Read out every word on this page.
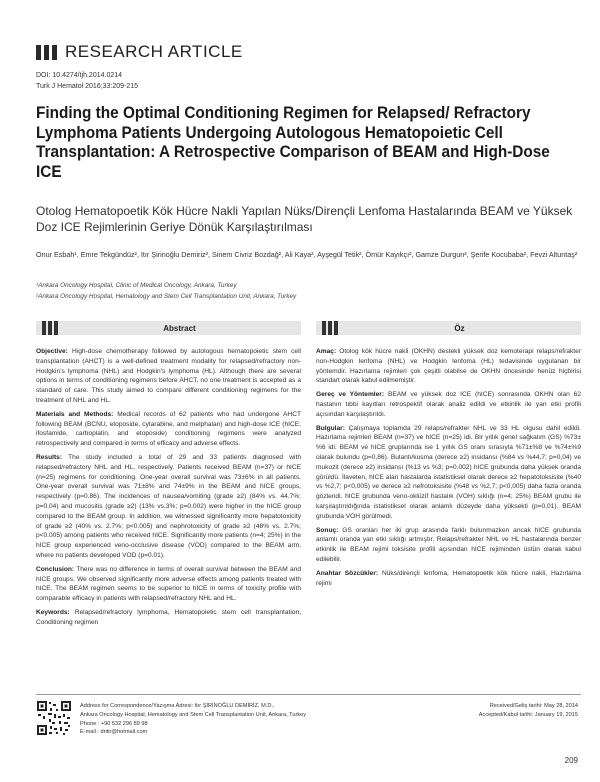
RESEARCH ARTICLE
DOI: 10.4274/tjh.2014.0214
Turk J Hematol 2016;33:209-215
Finding the Optimal Conditioning Regimen for Relapsed/ Refractory Lymphoma Patients Undergoing Autologous Hematopoietic Cell Transplantation: A Retrospective Comparison of BEAM and High-Dose ICE
Otolog Hematopoetik Kök Hücre Nakli Yapılan Nüks/Dirençli Lenfoma Hastalarında BEAM ve Yüksek Doz ICE Rejimlerinin Geriye Dönük Karşılaştırılması
Onur Esbah¹, Emre Tekgündüz², Itır Şirinoğlu Demiriz², Sinem Civriz Bozdağ², Ali Kaya², Ayşegül Tetik², Ömür Kayıkçı², Gamze Durgun², Şerife Kocubaba², Fevzi Altuntaş²
¹Ankara Oncology Hospital, Clinic of Medical Oncology, Ankara, Turkey
²Ankara Oncology Hospital, Hematology and Stem Cell Transplantation Unit, Ankara, Turkey
Abstract	Öz

Objective: High-dose chemotherapy followed by autologous hematopoietic stem cell transplantation (AHCT) is a well-defined treatment modality for relapsed/refractory non-Hodgkin's lymphoma (NHL) and Hodgkin's lymphoma (HL). Although there are several options in terms of conditioning regimens before AHCT, no one treatment is accepted as a standard of care. This study aimed to compare different conditioning regimens for the treatment of NHL and HL.

Materials and Methods: Medical records of 62 patients who had undergone AHCT following BEAM (BCNU, etoposide, cytarabine, and melphalan) and high-dose ICE (hICE; ifosfamide, carboplatin, and etoposide) conditioning regimens were analyzed retrospectively and compared in terms of efficacy and adverse effects.

Results: The study included a total of 29 and 33 patients diagnosed with relapsed/refractory NHL and HL, respectively. Patients received BEAM (n=37) or hICE (n=25) regimens for conditioning. One-year overall survival was 73±6% in all patients. One-year overall survival was 71±8% and 74±9% in the BEAM and hICE groups, respectively (p=0.86). The incidences of nausea/vomiting (grade ≥2) (84% vs. 44.7%; p=0.04) and mucositis (grade ≥2) (13% vs.3%; p=0.002) were higher in the hICE group compared to the BEAM group. In addition, we witnessed significantly more hepatotoxicity of grade ≥2 (40% vs. 2.7%; p<0.005) and nephrotoxicity of grade ≥2 (48% vs. 2.7%; p<0.005) among patients who received hICE. Significantly more patients (n=4; 25%) in the hICE group experienced veno-occlusive disease (VOD) compared to the BEAM arm, where no patients developed VOD (p=0.01).

Conclusion: There was no difference in terms of overall survival between the BEAM and hICE groups. We observed significantly more adverse effects among patients treated with hICE. The BEAM regimen seems to be superior to hICE in terms of toxicity profile with comparable efficacy in patients with relapsed/refractory NHL and HL.

Keywords: Relapsed/refractory lymphoma, Hematopoietic stem cell transplantation, Conditioning regimen

Amaç: Otolog kök hücre nakli (OKHN) destekli yüksek doz kemoterapi relaps/refrakter non-Hodgkin lenfoma (NHL) ve Hodgkin lenfoma (HL) tedavisinde uygulanan bir yöntemdir. Hazırlama rejimleri çok çeşitli olabilse de OKHN öncesinde henüz hiçbirisi standart olarak kabul edilmemiştir.

Gereç ve Yöntemler: BEAM ve yüksek doz ICE (hICE) sonrasında OKHN olan 62 hastanın tıbbi kayıtları retrospektif olarak analiz edildi ve etkinlik ile yan etki profili açısından karşılaştırıldı.

Bulgular: Çalışmaya toplamda 29 relaps/refrakter NHL ve 33 HL olgusu dahil edildi. Hazırlama rejimleri BEAM (n=37) ve hICE (n=25) idi. Bir yıllık genel sağkalım (GS) %73±%6 idi. BEAM ve hICE gruplarında ise 1 yıllık GS oranı sırasıyla %71±%8 ve %74±%9 olarak bulundu (p=0,86). Bulantı/kusma (derece ≥2) insidansı (%84 vs %44,7; p=0,04) ve mukozit (derece ≥2) insidansı (%13 vs %3; p=0,002) hICE grubunda daha yüksek oranda görüldü. İlaveten, hICE alan hastalarda istatistiksel olarak derece ≥2 hepatotoksisite (%40 vs %2,7; p<0,005) ve derece ≥2 nefrotoksisite (%48 vs %2,7; p<0,005) daha fazla oranda gözlendi. hICE grubunda veno-oklüzif hastalık (VOH) sıklığı (n=4; 25%) BEAM grubu ile karşılaştırıldığında istatistiksel olarak anlamlı düzeyde daha yüksekti (p=0,01). BEAM grubunda VOH görülmedi.

Sonuç: GS oranları her iki grup arasında farklı bulunmazken ancak hICE grubunda anlamlı oranda yan etki sıklığı artmıştır. Relaps/refrakter NHL ve HL hastalarında benzer etkinlik ile BEAM rejimi toksisite profili açısından hICE rejiminden üstün olarak kabul edilebilir.

Anahtar Sözcükler: Nüks/dirençli lenfoma, Hematopoetik kök hücre nakli, Hazırlama rejimi

Address for Correspondence/Yazışma Adresi: Itır ŞİRİNOĞLU DEMİRİZ, M.D.,
Ankara Oncology Hospital, Hematology and Stem Cell Transplantation Unit, Ankara, Turkey
Phone : +90 532 296 89 98
E-mail : dritir@hotmail.com
Received/Geliş tarihi: May 28, 2014
Accepted/Kabul tarihi: January 19, 2015
209
